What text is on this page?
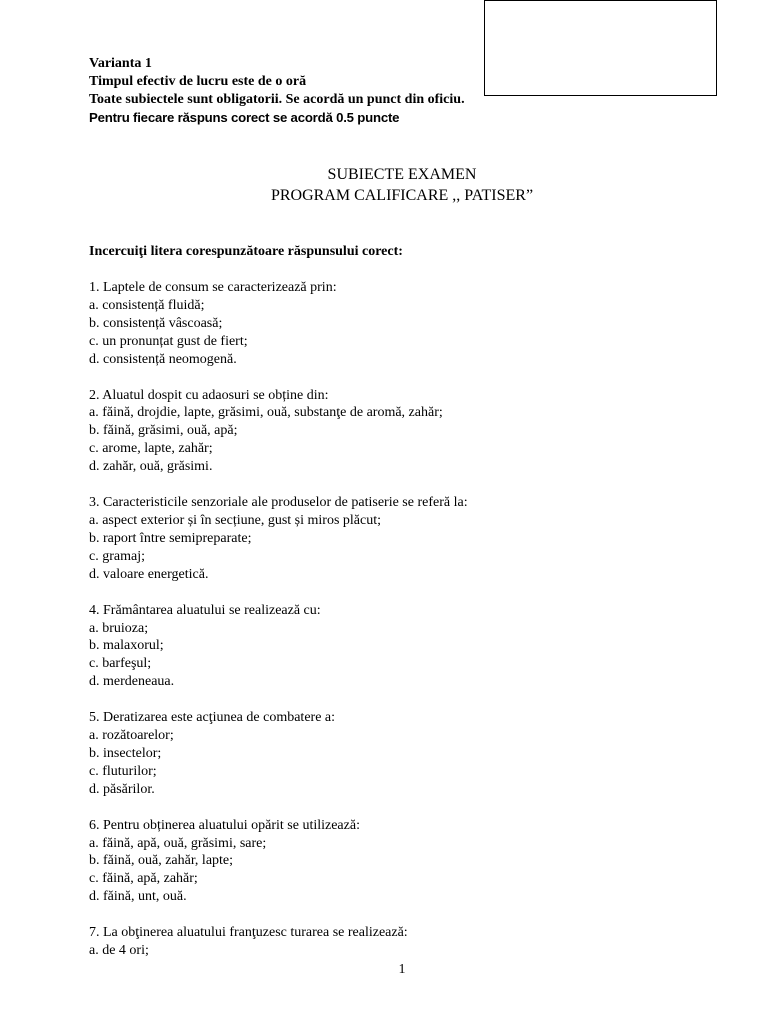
Varianta 1
Timpul efectiv de lucru este de o oră
Toate subiectele sunt obligatorii. Se acordă un punct din oficiu.
Pentru fiecare răspuns corect se acordă 0.5 puncte
SUBIECTE EXAMEN
PROGRAM CALIFICARE ,, PATISER”
Incercuiţi litera corespunzătoare răspunsului corect:
1. Laptele de consum se caracterizează prin:
a. consistență fluidă;
b. consistență vâscoasă;
c. un pronunțat gust de fiert;
d. consistență neomogenă.
2. Aluatul dospit cu adaosuri se obține din:
a. făină, drojdie, lapte, grăsimi, ouă, substanţe de aromă, zahăr;
b. făină, grăsimi, ouă, apă;
c. arome, lapte, zahăr;
d. zahăr, ouă, grăsimi.
3. Caracteristicile senzoriale ale produselor de patiserie se referă la:
a. aspect exterior și în secțiune, gust și miros plăcut;
b. raport între semipreparate;
c. gramaj;
d. valoare energetică.
4. Frământarea aluatului se realizează cu:
a. bruioza;
b. malaxorul;
c. barfeşul;
d. merdeneaua.
5. Deratizarea este acţiunea de combatere a:
a. rozătoarelor;
b. insectelor;
c. fluturilor;
d. păsărilor.
6. Pentru obținerea aluatului opărit se utilizează:
a. făină, apă, ouă, grăsimi, sare;
b. făină, ouă, zahăr, lapte;
c. făină, apă, zahăr;
d. făină, unt, ouă.
7. La obţinerea aluatului franţuzesc turarea se realizează:
a. de 4 ori;
1
